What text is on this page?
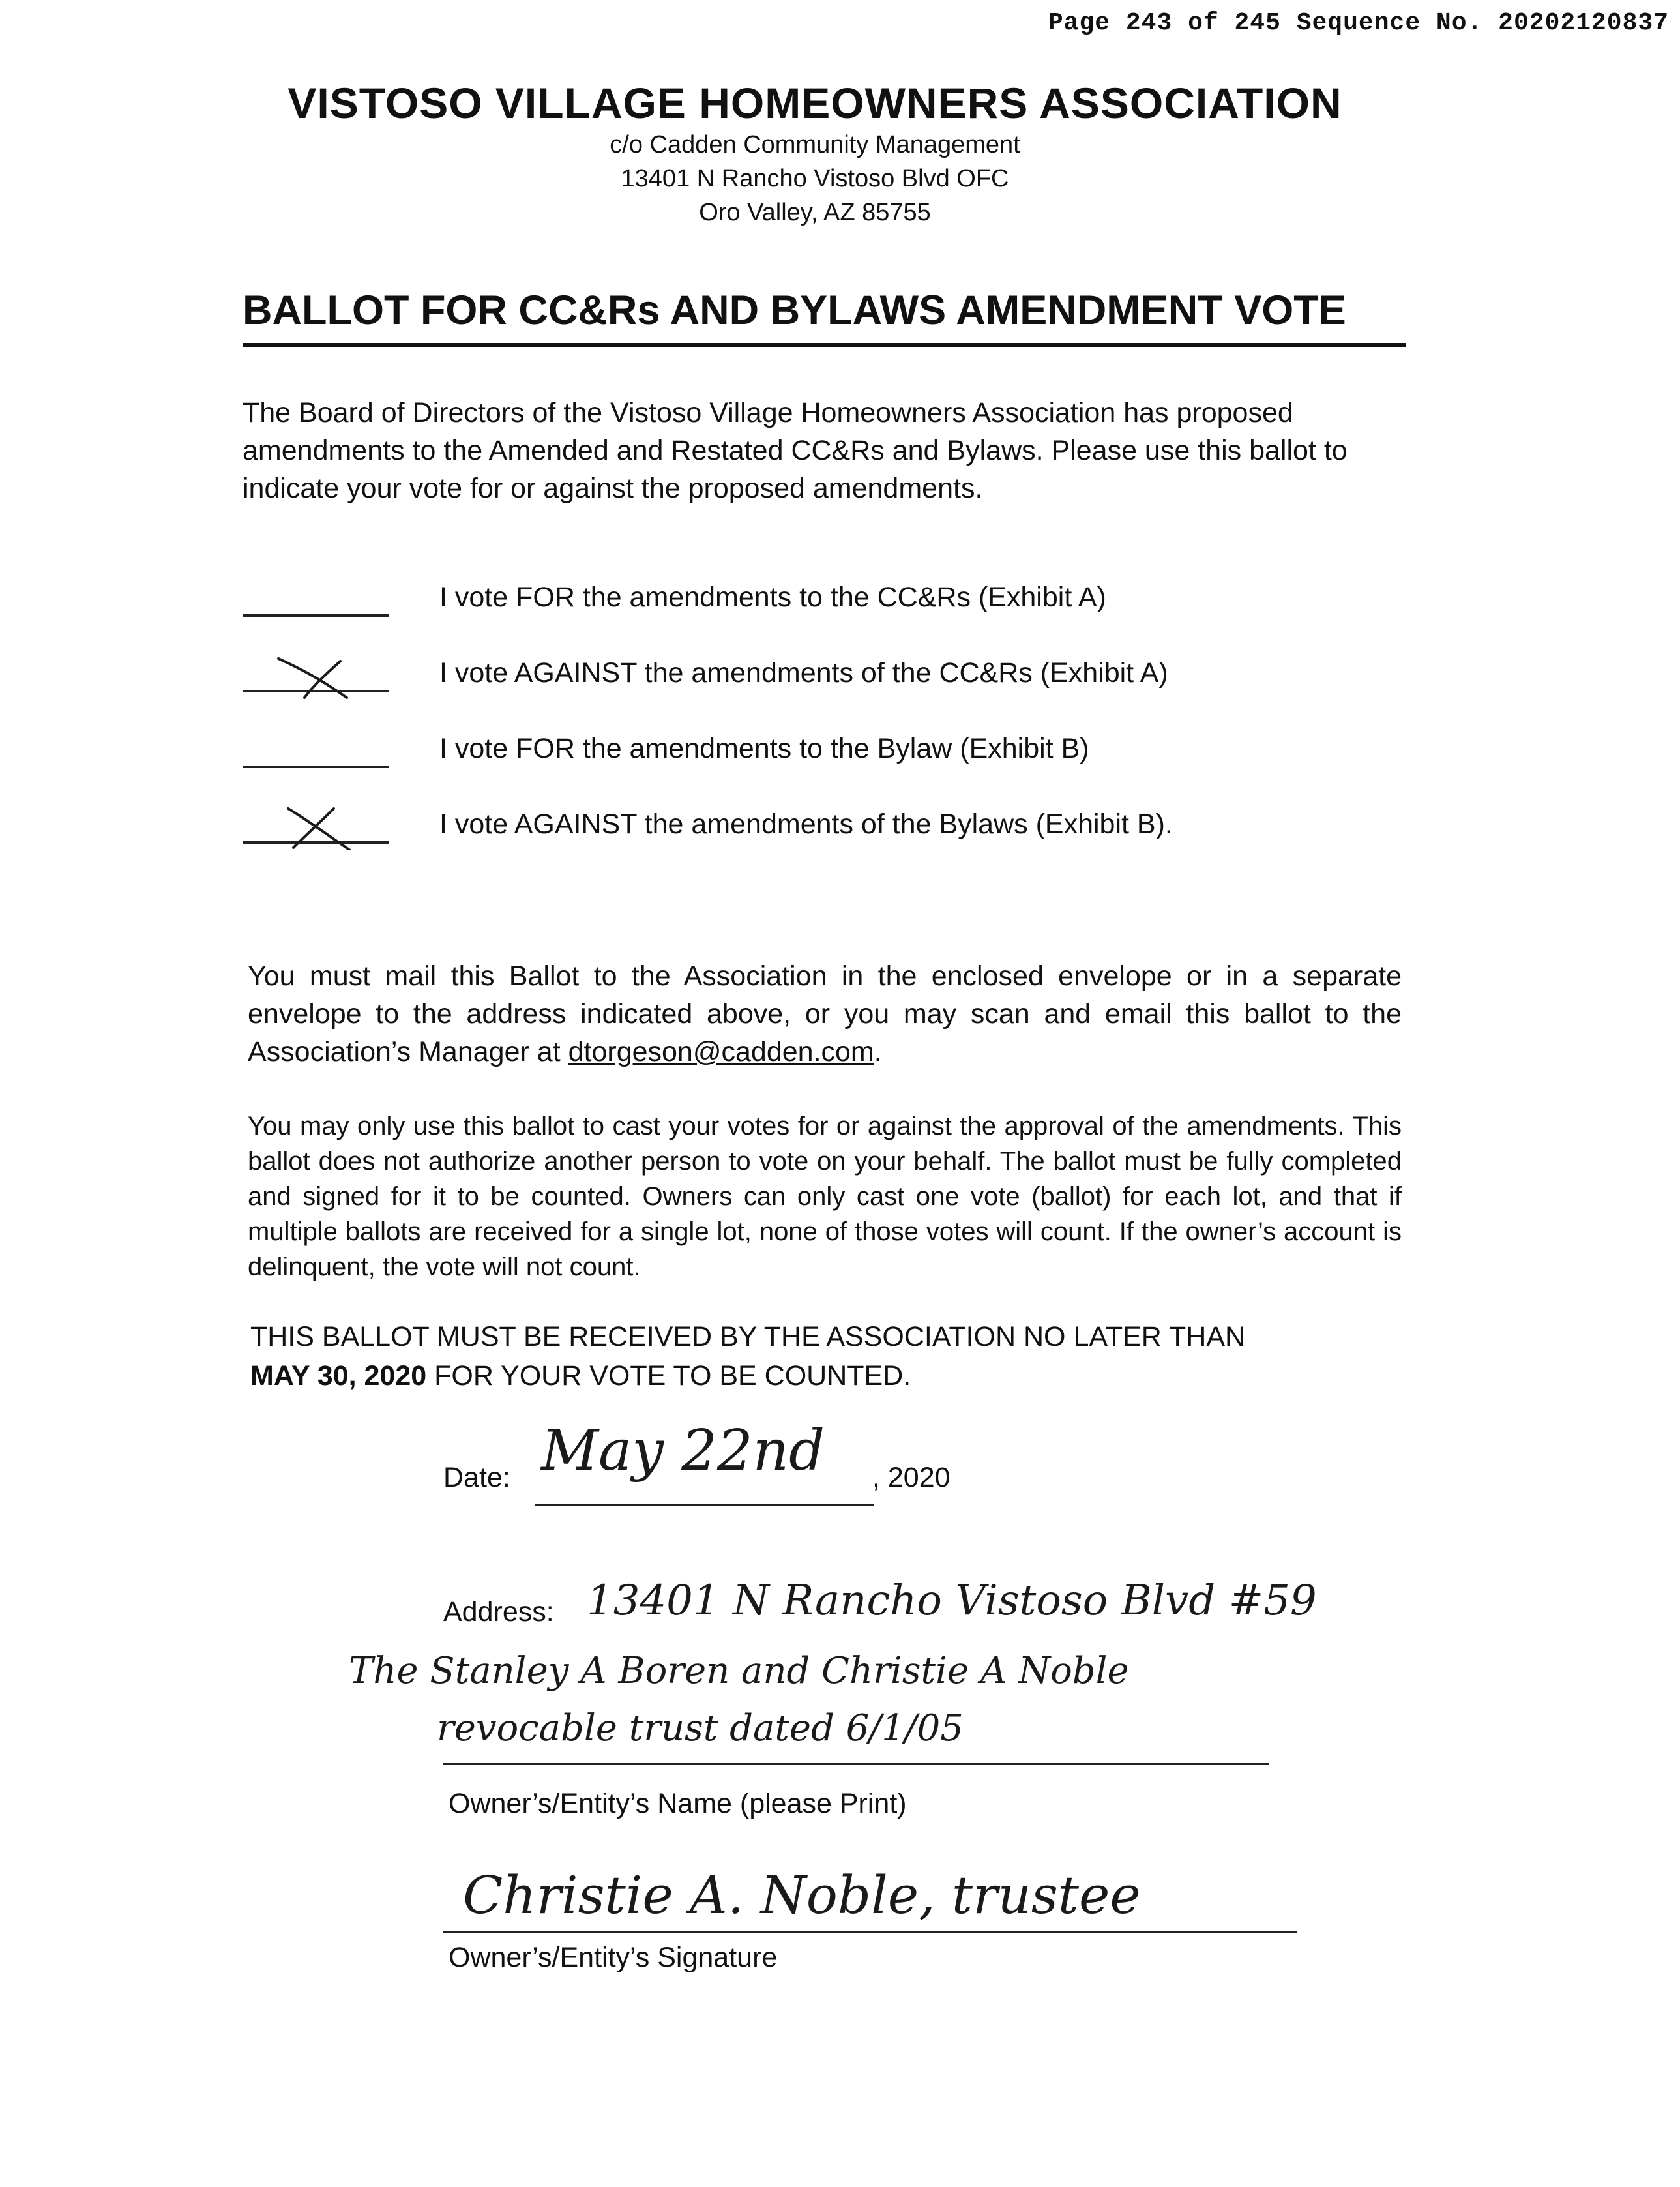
Page 243 of 245 Sequence No. 20202120837
VISTOSO VILLAGE HOMEOWNERS ASSOCIATION
c/o Cadden Community Management
13401 N Rancho Vistoso Blvd OFC
Oro Valley, AZ 85755
BALLOT FOR CC&Rs AND BYLAWS AMENDMENT VOTE
The Board of Directors of the Vistoso Village Homeowners Association has proposed amendments to the Amended and Restated CC&Rs and Bylaws. Please use this ballot to indicate your vote for or against the proposed amendments.
I vote FOR the amendments to the CC&Rs (Exhibit A)
I vote AGAINST the amendments of the CC&Rs (Exhibit A)
I vote FOR the amendments to the Bylaw (Exhibit B)
I vote AGAINST the amendments of the Bylaws (Exhibit B).
You must mail this Ballot to the Association in the enclosed envelope or in a separate envelope to the address indicated above, or you may scan and email this ballot to the Association’s Manager at dtorgeson@cadden.com.
You may only use this ballot to cast your votes for or against the approval of the amendments. This ballot does not authorize another person to vote on your behalf. The ballot must be fully completed and signed for it to be counted. Owners can only cast one vote (ballot) for each lot, and that if multiple ballots are received for a single lot, none of those votes will count. If the owner’s account is delinquent, the vote will not count.
THIS BALLOT MUST BE RECEIVED BY THE ASSOCIATION NO LATER THAN
MAY 30, 2020 FOR YOUR VOTE TO BE COUNTED.
Date: May 22nd , 2020
Address: 13401 N Rancho Vistoso Blvd #59
The Stanley A Boren and Christie A Noble
revocable trust dated 6/1/05
Owner’s/Entity’s Name (please Print)
Christie A. Noble, trustee
Owner’s/Entity’s Signature
